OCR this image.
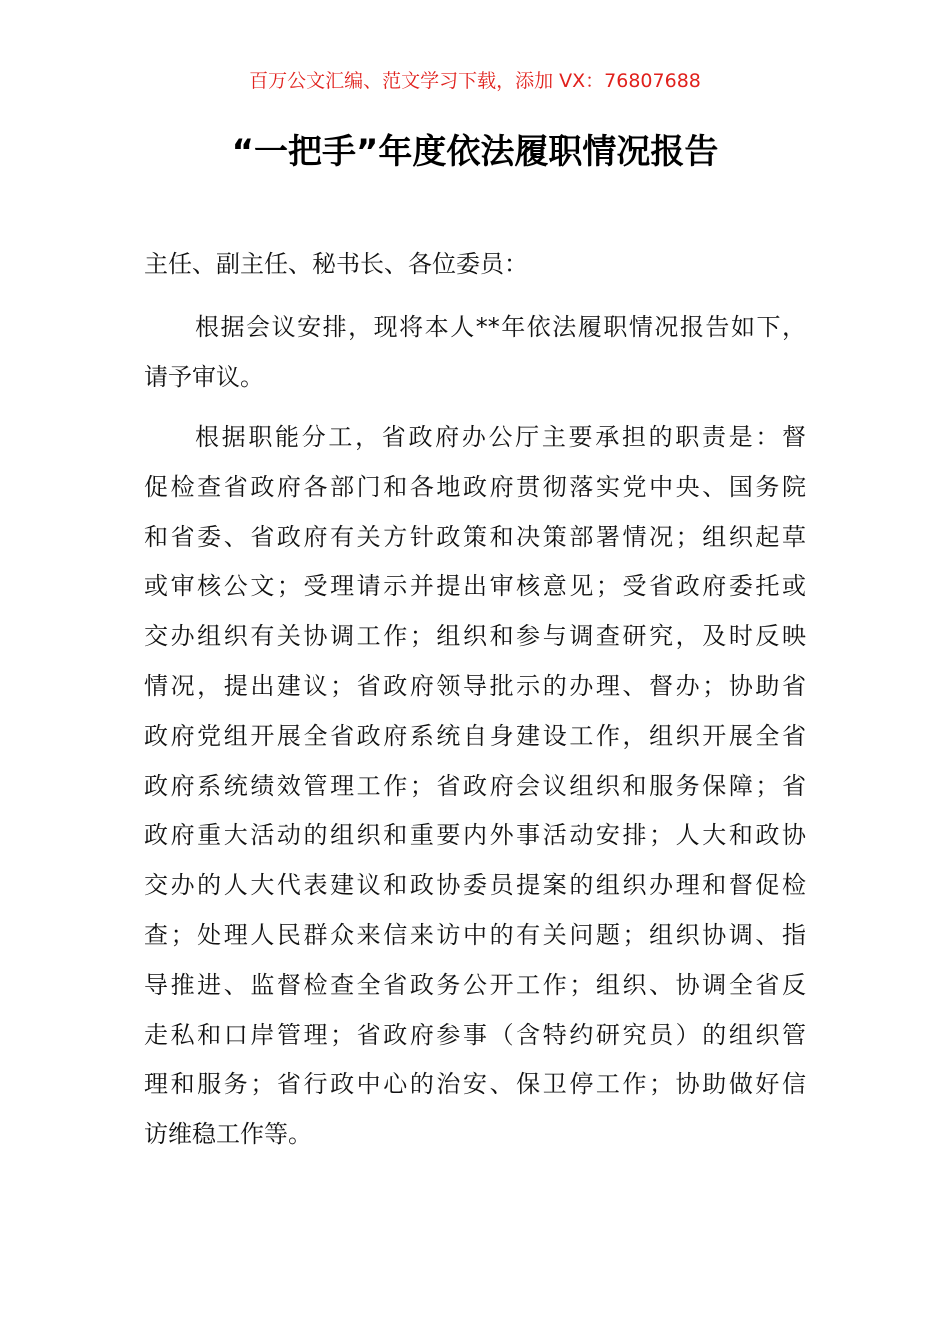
百万公文汇编、范文学习下载，添加 VX：76807688
“一把手”年度依法履职情况报告
主任、副主任、秘书长、各位委员：
根据会议安排，现将本人**年依法履职情况报告如下，
请予审议。
根据职能分工，省政府办公厅主要承担的职责是：督
促检查省政府各部门和各地政府贯彻落实党中央、国务院
和省委、省政府有关方针政策和决策部署情况；组织起草
或审核公文；受理请示并提出审核意见；受省政府委托或
交办组织有关协调工作；组织和参与调查研究，及时反映
情况，提出建议；省政府领导批示的办理、督办；协助省
政府党组开展全省政府系统自身建设工作，组织开展全省
政府系统绩效管理工作；省政府会议组织和服务保障；省
政府重大活动的组织和重要内外事活动安排；人大和政协
交办的人大代表建议和政协委员提案的组织办理和督促检
查；处理人民群众来信来访中的有关问题；组织协调、指
导推进、监督检查全省政务公开工作；组织、协调全省反
走私和口岸管理；省政府参事（含特约研究员）的组织管
理和服务；省行政中心的治安、保卫停工作；协助做好信
访维稳工作等。
